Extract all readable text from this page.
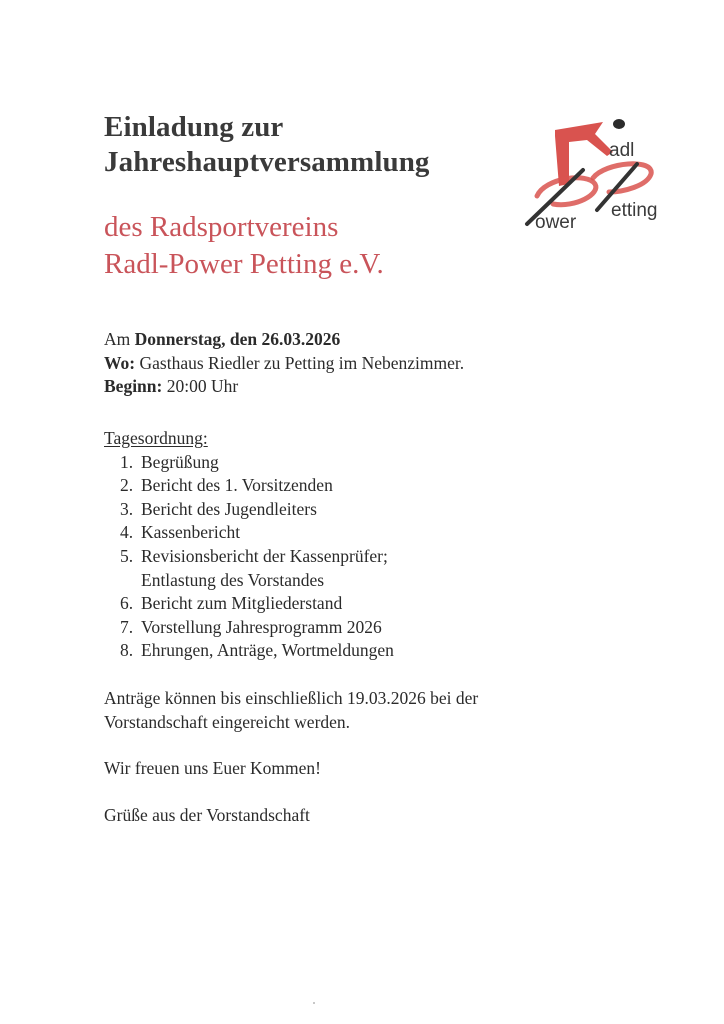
Einladung zur
Jahreshauptversammlung
des Radsportvereins
Radl-Power Petting e.V.
adl
etting
ower
Am Donnerstag, den 26.03.2026
Wo: Gasthaus Riedler zu Petting im Nebenzimmer.
Beginn: 20:00 Uhr
Tagesordnung:
1. Begrüßung
2. Bericht des 1. Vorsitzenden
3. Bericht des Jugendleiters
4. Kassenbericht
5. Revisionsbericht der Kassenprüfer;
Entlastung des Vorstandes
6. Bericht zum Mitgliederstand
7. Vorstellung Jahresprogramm 2026
8. Ehrungen, Anträge, Wortmeldungen

Anträge können bis einschließlich 19.03.2026 bei der
Vorstandschaft eingereicht werden.

Wir freuen uns Euer Kommen!

Grüße aus der Vorstandschaft
